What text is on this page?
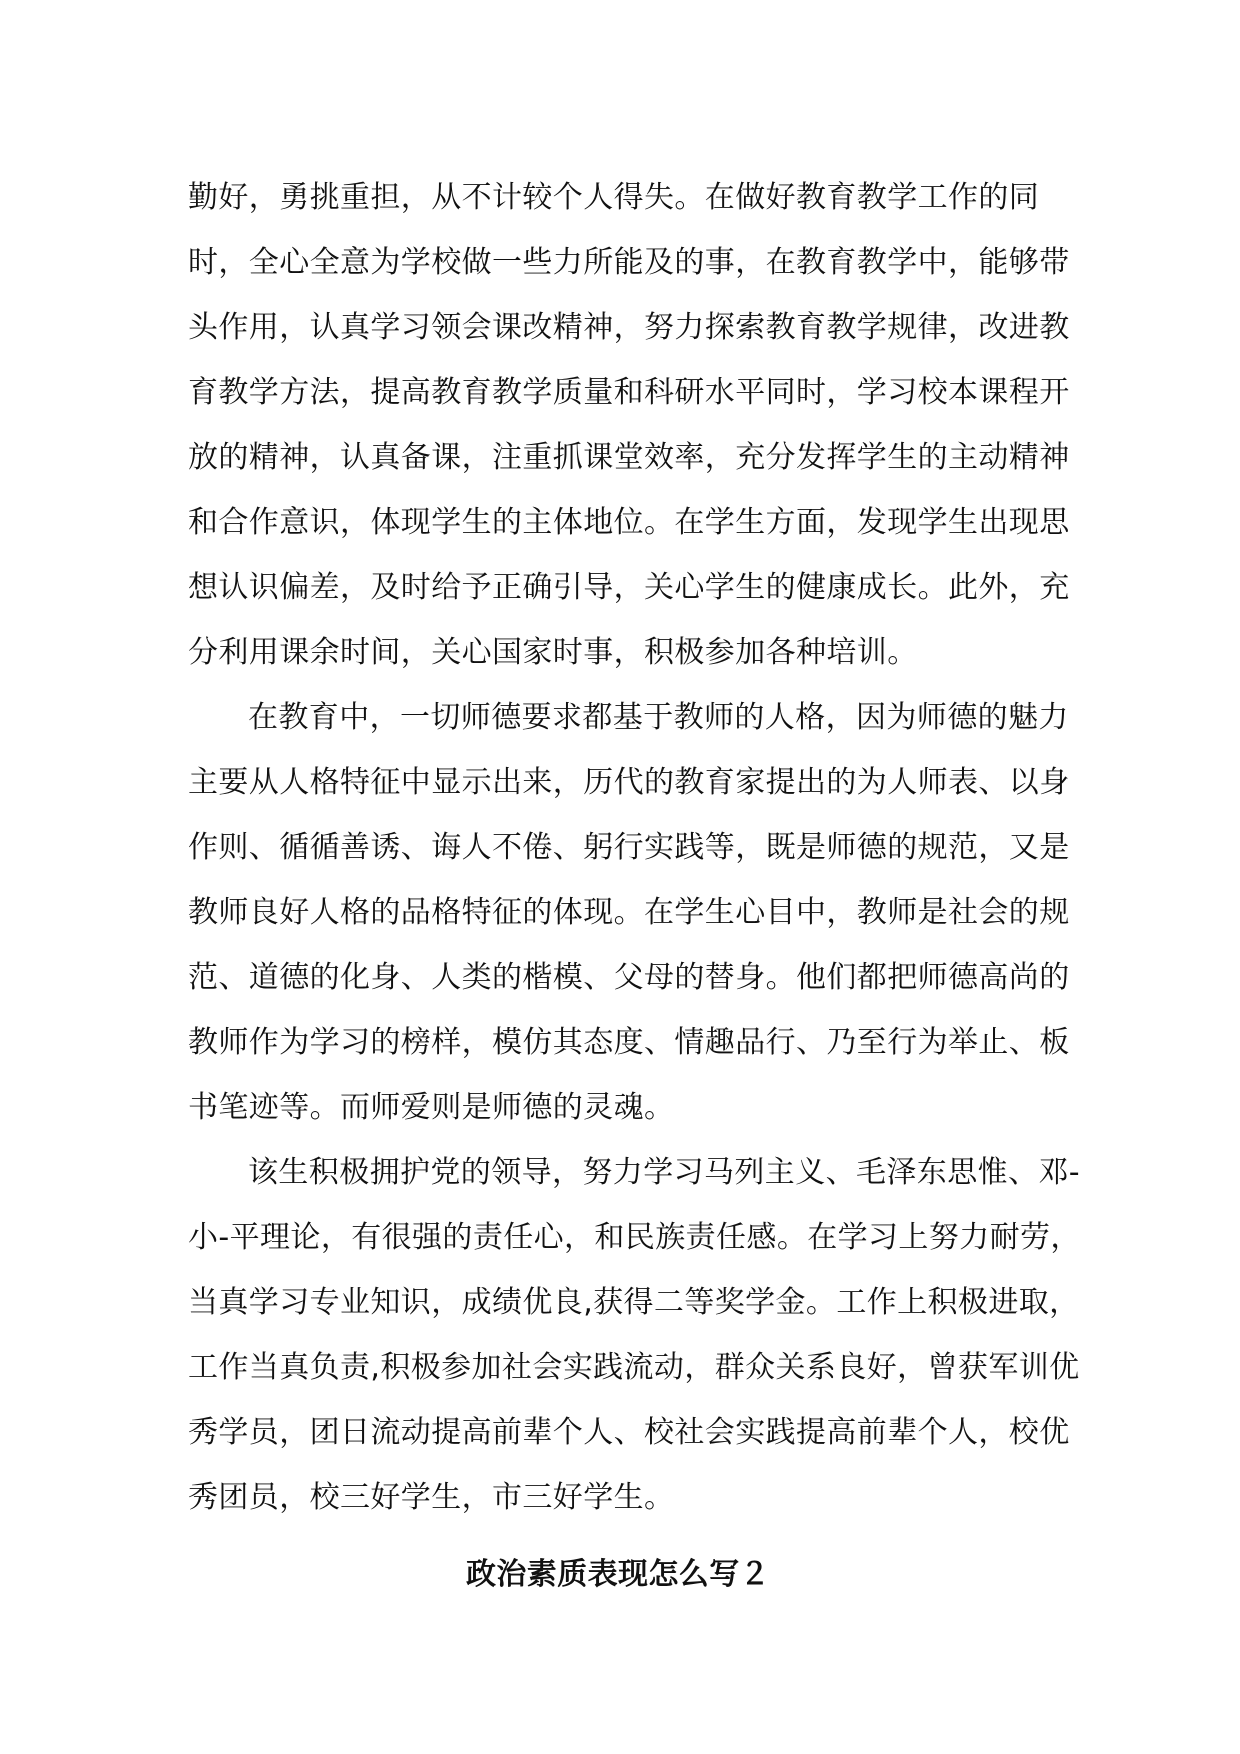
勤好，勇挑重担，从不计较个人得失。在做好教育教学工作的同
时，全心全意为学校做一些力所能及的事，在教育教学中，能够带
头作用，认真学习领会课改精神，努力探索教育教学规律，改进教
育教学方法，提高教育教学质量和科研水平同时，学习校本课程开
放的精神，认真备课，注重抓课堂效率，充分发挥学生的主动精神
和合作意识，体现学生的主体地位。在学生方面，发现学生出现思
想认识偏差，及时给予正确引导，关心学生的健康成长。此外，充
分利用课余时间，关心国家时事，积极参加各种培训。
在教育中，一切师德要求都基于教师的人格，因为师德的魅力
主要从人格特征中显示出来，历代的教育家提出的为人师表、以身
作则、循循善诱、诲人不倦、躬行实践等，既是师德的规范，又是
教师良好人格的品格特征的体现。在学生心目中，教师是社会的规
范、道德的化身、人类的楷模、父母的替身。他们都把师德高尚的
教师作为学习的榜样，模仿其态度、情趣品行、乃至行为举止、板
书笔迹等。而师爱则是师德的灵魂。
该生积极拥护党的领导，努力学习马列主义、毛泽东思惟、邓-
小-平理论，有很强的责任心，和民族责任感。在学习上努力耐劳，
当真学习专业知识，成绩优良,获得二等奖学金。工作上积极进取，
工作当真负责,积极参加社会实践流动，群众关系良好，曾获军训优
秀学员，团日流动提高前辈个人、校社会实践提高前辈个人，校优
秀团员，校三好学生，市三好学生。
政治素质表现怎么写２
